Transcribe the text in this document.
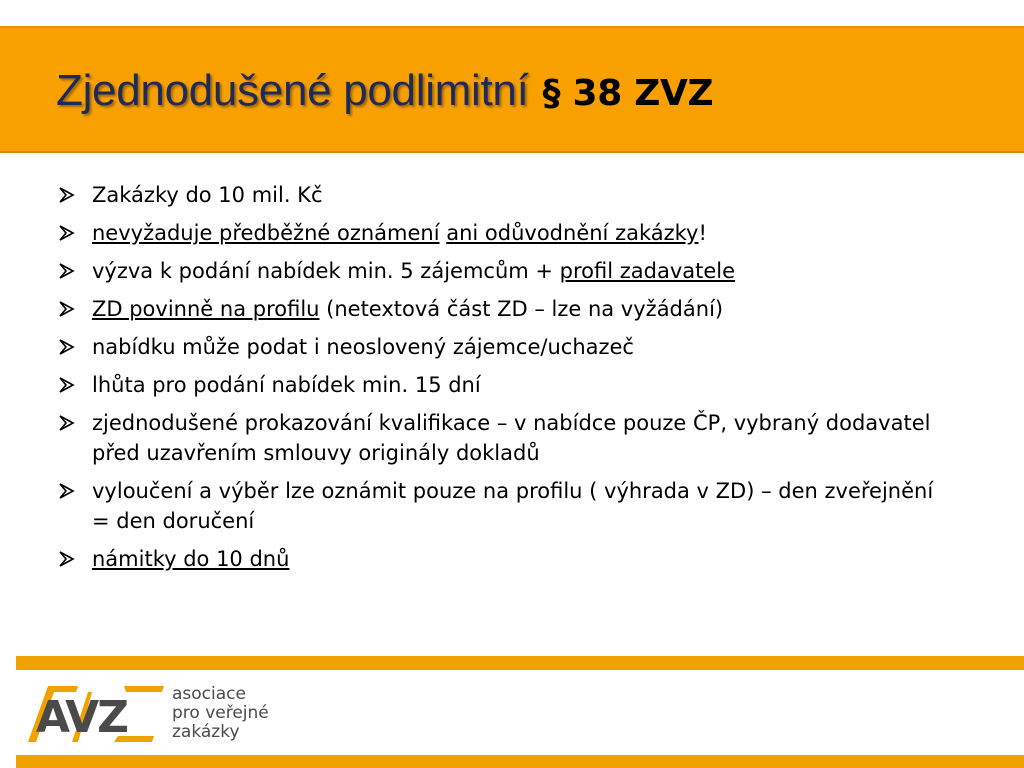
Zjednodušené podlimitní § 38 ZVZ
Zakázky do 10 mil. Kč
nevyžaduje předběžné oznámení ani odůvodnění zakázky!
výzva k podání nabídek min. 5 zájemcům + profil zadavatele
ZD povinně na profilu (netextová část ZD – lze na vyžádání)
nabídku může podat i neoslovený zájemce/uchazeč
lhůta pro podání nabídek min. 15 dní
zjednodušené prokazování kvalifikace – v nabídce pouze ČP, vybraný dodavatel před uzavřením smlouvy originály dokladů
vyloučení a výběr lze oznámit pouze na profilu ( výhrada v ZD) – den zveřejnění = den doručení
námitky do 10 dnů
AVZ	asociace
pro veřejné
zakázky
